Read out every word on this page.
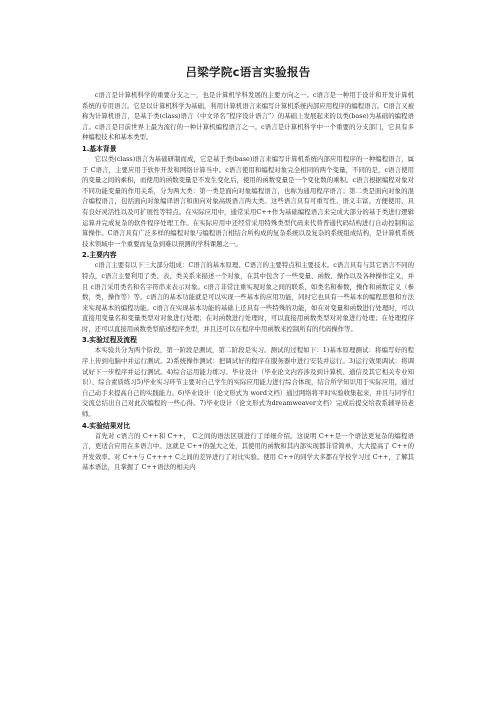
吕梁学院c语言实验报告

c语言是计算机科学的重要分支之一，也是计算机学科发展的主要方向之一。c语言是一种用于设计和开发计算机系统的专用语言。它是以计算机科学为基础，利用计算机语言来编写计算机系统内部应用程序的编程语言。C语言又被称为计算机语言，是基于类(class)语言（中文译名“程序设计语言”）的基础上发展起来的以类(base)为基础的编程语言。c语言是目前世界上最为流行的一种计算机编程语言之一。c语言是计算机科学中一个重要的分支部门，它具有多种编程技术和基本类型。

1.基本背景

它以类(class)语言为基础研制而成，它是基于类(base)语言来编写计算机系统内部应用程序的一种编程语言，属于 C语言，主要应用于软件开发和网络计算当中。c语言使用和编程对象完全相同的两个变量，不同的是，c语言使用的变量之间的乘积，而使用的函数变量是不发生变化后，使用的函数变量是一个变化数的乘积。c语言根据编程对象对不同功能变量的作用关系，分为两大类：第一类是面向对象编程语言，也称为通用程序语言；第二类是面向对象的混合编程语言，包括面向对象编译语言和面向对象高级语言两大类。这些语言具有可重写性、语义丰富、方便使用、具有良好灵活性以及可扩展性等特点。在实际应用中，通常采用C++作为基础编程语言来完成大部分的基于类进行逻辑运算并完成复杂的软件程序处理工作。在实际应用中还经常采用特殊类型代码来代替普通代码结构进行自动控制和运算操作。C语言具有广泛多样的编程对象与编程语言相结合所构成的复杂系统以及复杂的系统组成结构，是计算机系统技术领域中一个重要而复杂到难以预测的学科课题之一。

2.主要内容

c语言主要有以下三大部分组成：C语言的基本原理、C语言的主要特点和主要技术。c语言具有与其它语言不同的特点，c语言主要利用了类、表、类关系来描述一个对象，在其中包含了一些变量、函数、操作以及各种操作定义，并且 c语言采用类名和名字符串来表示对象。c语言非常注重实现对象之间的联系，如类名和参数，操作和函数定义（参数，类，操作等）等。c语言的基本功能就是可以实现一些基本的应用功能，同时它也具有一些基本的编程思想和方法来实现基本的编程功能。c语言在实现基本功能的基础上还具有一些特殊的功能，如在对变量和函数进行处理时，可以直接用变量名和变量类型对对象进行处理；在对函数进行处理时，可以直接用函数类型对对象进行处理；在处理程序时，还可以直接用函数类型描述程序类型，并且还可以在程序中用函数来控制所有的代码操作等。

3.实验过程及流程

本实验共分为两个阶段，第一阶段是测试，第二阶段是实习。测试的过程如下：1)基本原理测试：将编写好的程序上传到电脑中并运行测试。2)系统操作测试：把调试好的程序在服务器中进行安装并运行。3)运行效果调试：将调试好下一步程序并运行测试。4)综合运用能力练习。毕业设计（毕业论文内容涉及到计算机、通信及其它相关专业知识）、综合素质练习5)毕业实习环节主要对自己学生的实际应用能力进行综合体现，结合所学知识用于实际应用，通过自己动手来提高自己的实践能力。6)毕业设计（论文形式为 word文档）通过网络将平时实验收集起来，并且与同学们交流总结出自己对此次编程的一些心得。7)毕业设计（论文形式为dreamweaver文档）完成后提交给我系辅导员老师。

4.实验结果对比

首先对 c语言的 C++和 C++， C之间的语法区别进行了详细介绍。这说明 C++是一个语法更复杂的编程语言，更适合应用在多语言中。这就是 C++的强大之处，其使用的函数和其内部实现都非常简单，大大提高了 C++的开发效率。对 C++与 C++++ C之间的差异进行了对比实验。使用 C++的同学大多都在学校学习过 C++，了解其基本语法，且掌握了 C++语法的相关内
